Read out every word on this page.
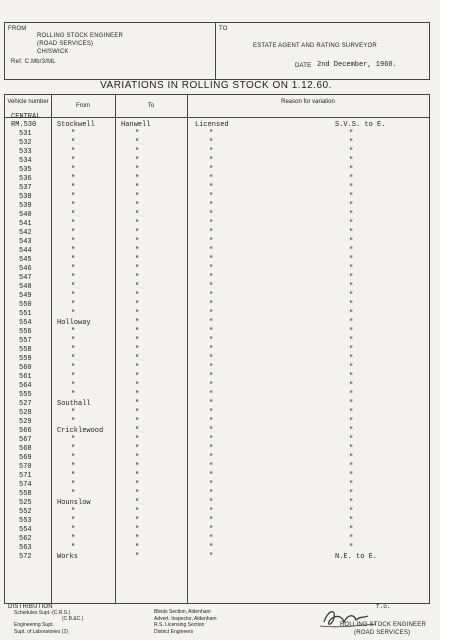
FROM
ROLLING STOCK ENGINEER
(ROAD SERVICES)
CHISWICK
Ref. C.Mb/3/ML
TO
ESTATE AGENT AND RATING SURVEYOR
DATE 2nd December, 1960.
VARIATIONS IN ROLLING STOCK ON 1.12.60.
Vehicle number
From	To
Reason for variation
CENTRAL
RM.530	Stockwell	Hanwell	Licensed	S.V.S. to E.
531	"	"	"	"
532	"	"	"	"
533	"	"	"	"
534	"	"	"	"
535	"	"	"	"
536	"	"	"	"
537	"	"	"	"
538	"	"	"	"
539	"	"	"	"
540	"	"	"	"
541	"	"	"	"
542	"	"	"	"
543	"	"	"	"
544	"	"	"	"
545	"	"	"	"
546	"	"	"	"
547	"	"	"	"
548	"	"	"	"
549	"	"	"	"
550	"	"	"	"
551	"	"	"	"
554	Holloway	"	"	"
556	"	"	"	"
557	"	"	"	"
558	"	"	"	"
559	"	"	"	"
560	"	"	"	"
561	"	"	"	"
564	"	"	"	"
555	"	"	"	"
527	Southall	"	"	"
528	"	"	"	"
529	"	"	"	"
566	Cricklewood	"	"	"
567	"	"	"	"
568	"	"	"	"
569	"	"	"	"
570	"	"	"	"
571	"	"	"	"
574	"	"	"	"
558	"	"	"	"
525	Hounslow	"	"	"
552	"	"	"	"
553	"	"	"	"
554	"	"	"	"
562	"	"	"	"
563	"	"	"	"
572	Works	"	"	N.E. to E.
DISTRIBUTION
Schedules Supt.-(C.R.S.)
(C.B.&C.)
Engineering Supt.
Supt. of Laboratories (2)
Blinds Section, Aldenham
Advert. Inspector, Aldenham
R.S. Licensing Section
District Engineers
f.o.
ROLLING STOCK ENGINEER
(ROAD SERVICES)
